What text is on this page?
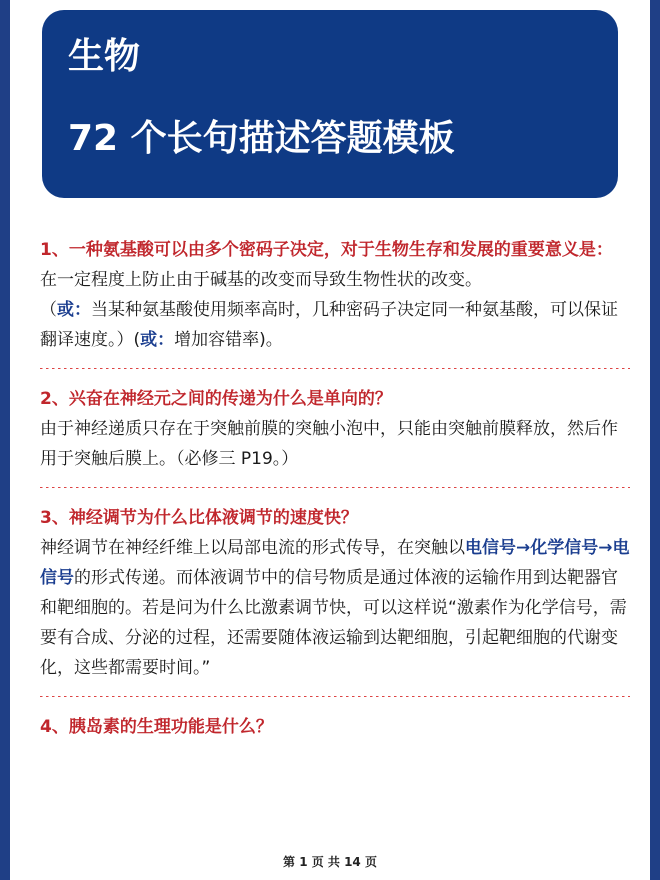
生物
72 个长句描述答题模板
1、一种氨基酸可以由多个密码子决定，对于生物生存和发展的重要意义是：
在一定程度上防止由于碱基的改变而导致生物性状的改变。
（或：当某种氨基酸使用频率高时，几种密码子决定同一种氨基酸，可以保证翻译速度。）(或：增加容错率)。
2、兴奋在神经元之间的传递为什么是单向的？
由于神经递质只存在于突触前膜的突触小泡中，只能由突触前膜释放，然后作用于突触后膜上。（必修三 P19。）
3、神经调节为什么比体液调节的速度快？
神经调节在神经纤维上以局部电流的形式传导，在突触以电信号→化学信号→电信号的形式传递。而体液调节中的信号物质是通过体液的运输作用到达靶器官和靶细胞的。若是问为什么比激素调节快，可以这样说“激素作为化学信号，需要有合成、分泌的过程，还需要随体液运输到达靶细胞，引起靶细胞的代谢变化，这些都需要时间。”
4、胰岛素的生理功能是什么？
第 1 页 共 14 页
